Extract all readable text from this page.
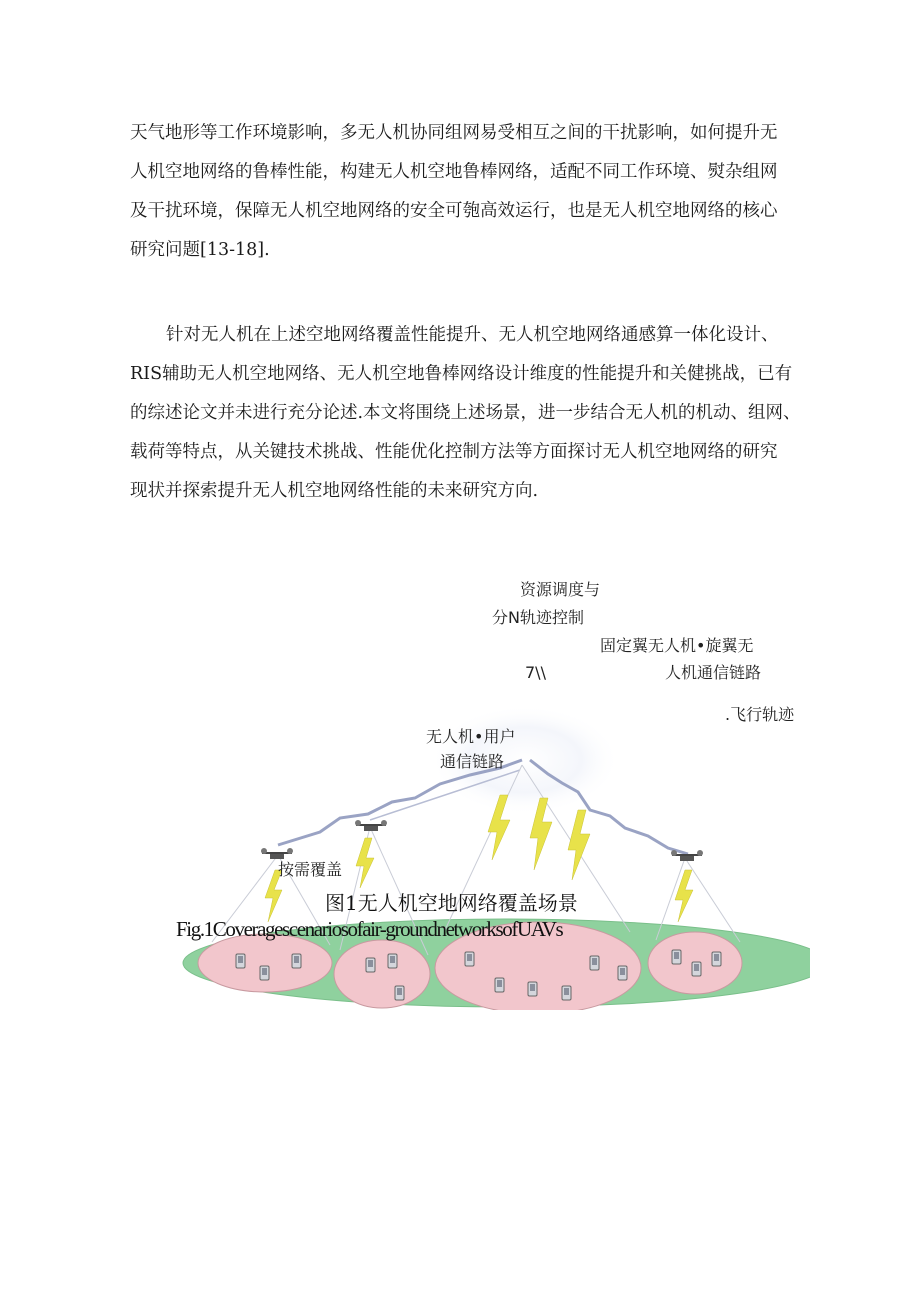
天气地形等工作环境影响，多无人机协同组网易受相互之间的干扰影响，如何提升无
人机空地网络的鲁棒性能，构建无人机空地鲁棒网络，适配不同工作环境、熨杂组网
及干扰环境，保障无人机空地网络的安全可匏高效运行，也是无人机空地网络的核心
研究问题[13-18].

针对无人机在上述空地网络覆盖性能提升、无人机空地网络通感算一体化设计、
RIS辅助无人机空地网络、无人机空地鲁棒网络设计维度的性能提升和关健挑战，已有
的综述论文并未进行充分论述.本文将围绕上述场景，进一步结合无人机的机动、组网、
载荷等特点，从关键技术挑战、性能优化控制方法等方面探讨无人机空地网络的研究
现状并探索提升无人机空地网络性能的未来研究方向.

资源调度与
分N轨迹控制
固定翼无人机•旋翼无
7\\	人机通信链路
.飞行轨迹
无人机•用户
通信链路
按需覆盖
图1无人机空地网络覆盖场景
Fig.1Coveragescenariosofair-groundnetworksofUAVs
